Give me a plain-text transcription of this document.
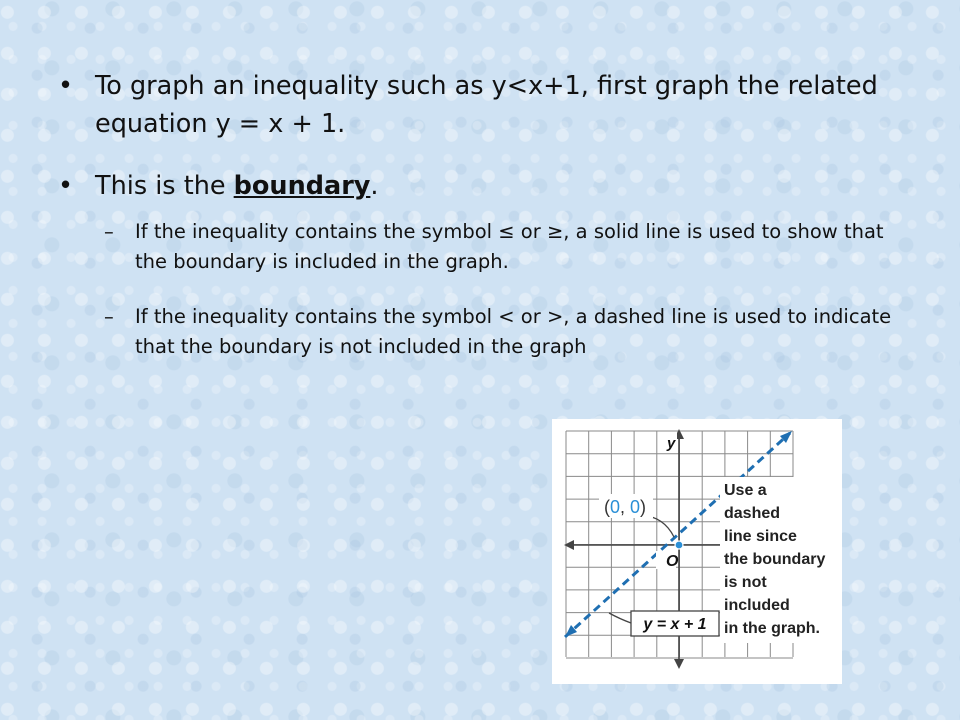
• To graph an inequality such as y<x+1, first graph the related equation y = x + 1.
• This is the boundary.
– If the inequality contains the symbol ≤ or ≥, a solid line is used to show that the boundary is included in the graph.
– If the inequality contains the symbol < or >, a dashed line is used to indicate that the boundary is not included in the graph
y
O
(0, 0)
Use a
dashed
line since
the boundary
is not
included
in the graph.
y = x + 1
